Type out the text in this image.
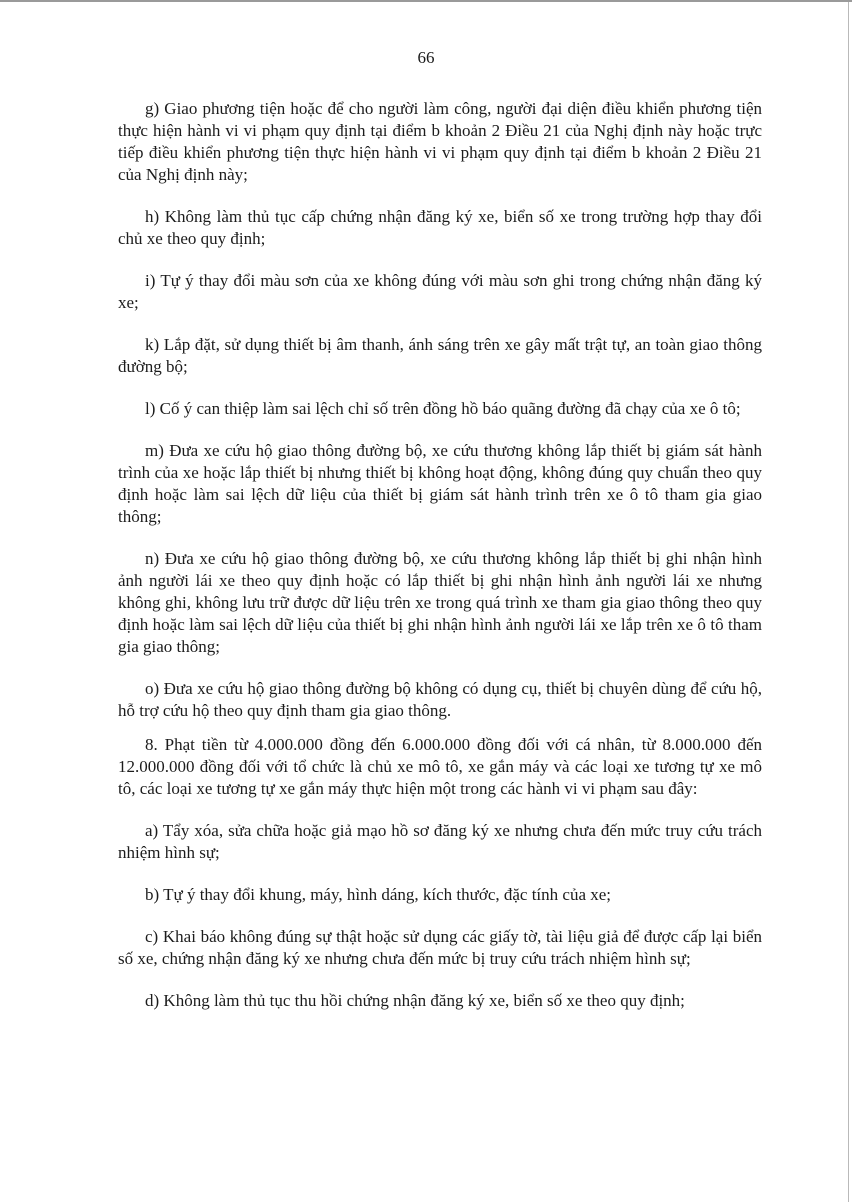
66

g) Giao phương tiện hoặc để cho người làm công, người đại diện điều khiển phương tiện thực hiện hành vi vi phạm quy định tại điểm b khoản 2 Điều 21 của Nghị định này hoặc trực tiếp điều khiển phương tiện thực hiện hành vi vi phạm quy định tại điểm b khoản 2 Điều 21 của Nghị định này;

h) Không làm thủ tục cấp chứng nhận đăng ký xe, biển số xe trong trường hợp thay đổi chủ xe theo quy định;

i) Tự ý thay đổi màu sơn của xe không đúng với màu sơn ghi trong chứng nhận đăng ký xe;

k) Lắp đặt, sử dụng thiết bị âm thanh, ánh sáng trên xe gây mất trật tự, an toàn giao thông đường bộ;

l) Cố ý can thiệp làm sai lệch chỉ số trên đồng hồ báo quãng đường đã chạy của xe ô tô;

m) Đưa xe cứu hộ giao thông đường bộ, xe cứu thương không lắp thiết bị giám sát hành trình của xe hoặc lắp thiết bị nhưng thiết bị không hoạt động, không đúng quy chuẩn theo quy định hoặc làm sai lệch dữ liệu của thiết bị giám sát hành trình trên xe ô tô tham gia giao thông;

n) Đưa xe cứu hộ giao thông đường bộ, xe cứu thương không lắp thiết bị ghi nhận hình ảnh người lái xe theo quy định hoặc có lắp thiết bị ghi nhận hình ảnh người lái xe nhưng không ghi, không lưu trữ được dữ liệu trên xe trong quá trình xe tham gia giao thông theo quy định hoặc làm sai lệch dữ liệu của thiết bị ghi nhận hình ảnh người lái xe lắp trên xe ô tô tham gia giao thông;

o) Đưa xe cứu hộ giao thông đường bộ không có dụng cụ, thiết bị chuyên dùng để cứu hộ, hỗ trợ cứu hộ theo quy định tham gia giao thông.

8. Phạt tiền từ 4.000.000 đồng đến 6.000.000 đồng đối với cá nhân, từ 8.000.000 đến 12.000.000 đồng đối với tổ chức là chủ xe mô tô, xe gắn máy và các loại xe tương tự xe mô tô, các loại xe tương tự xe gắn máy thực hiện một trong các hành vi vi phạm sau đây:

a) Tẩy xóa, sửa chữa hoặc giả mạo hồ sơ đăng ký xe nhưng chưa đến mức truy cứu trách nhiệm hình sự;

b) Tự ý thay đổi khung, máy, hình dáng, kích thước, đặc tính của xe;

c) Khai báo không đúng sự thật hoặc sử dụng các giấy tờ, tài liệu giả để được cấp lại biển số xe, chứng nhận đăng ký xe nhưng chưa đến mức bị truy cứu trách nhiệm hình sự;

d) Không làm thủ tục thu hồi chứng nhận đăng ký xe, biển số xe theo quy định;
